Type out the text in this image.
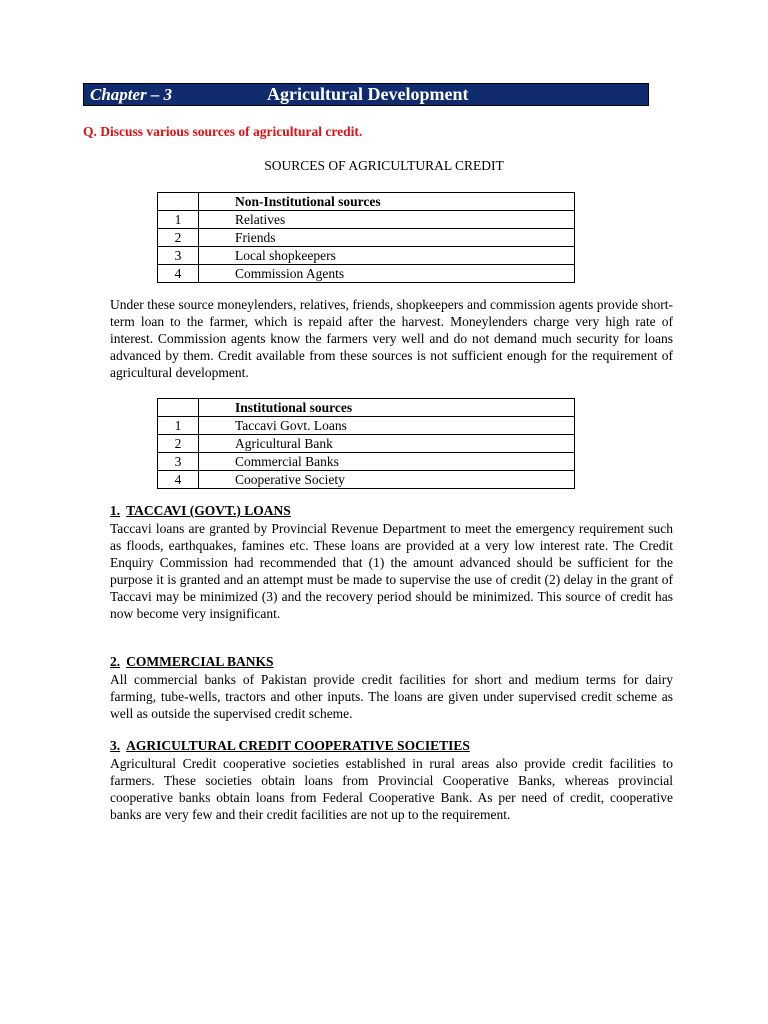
Chapter – 3	Agricultural Development
Q. Discuss various sources of agricultural credit.
SOURCES OF AGRICULTURAL CREDIT
	Non-Institutional sources
1	Relatives
2	Friends
3	Local shopkeepers
4	Commission Agents
Under these source moneylenders, relatives, friends, shopkeepers and commission agents provide short-term loan to the farmer, which is repaid after the harvest. Moneylenders charge very high rate of interest. Commission agents know the farmers very well and do not demand much security for loans advanced by them. Credit available from these sources is not sufficient enough for the requirement of agricultural development.
	Institutional sources
1	Taccavi Govt. Loans
2	Agricultural Bank
3	Commercial Banks
4	Cooperative Society
1. TACCAVI (GOVT.) LOANS
Taccavi loans are granted by Provincial Revenue Department to meet the emergency requirement such as floods, earthquakes, famines etc. These loans are provided at a very low interest rate. The Credit Enquiry Commission had recommended that (1) the amount advanced should be sufficient for the purpose it is granted and an attempt must be made to supervise the use of credit (2) delay in the grant of Taccavi may be minimized (3) and the recovery period should be minimized. This source of credit has now become very insignificant.
2. COMMERCIAL BANKS
All commercial banks of Pakistan provide credit facilities for short and medium terms for dairy farming, tube-wells, tractors and other inputs. The loans are given under supervised credit scheme as well as outside the supervised credit scheme.
3. AGRICULTURAL CREDIT COOPERATIVE SOCIETIES
Agricultural Credit cooperative societies established in rural areas also provide credit facilities to farmers. These societies obtain loans from Provincial Cooperative Banks, whereas provincial cooperative banks obtain loans from Federal Cooperative Bank. As per need of credit, cooperative banks are very few and their credit facilities are not up to the requirement.
